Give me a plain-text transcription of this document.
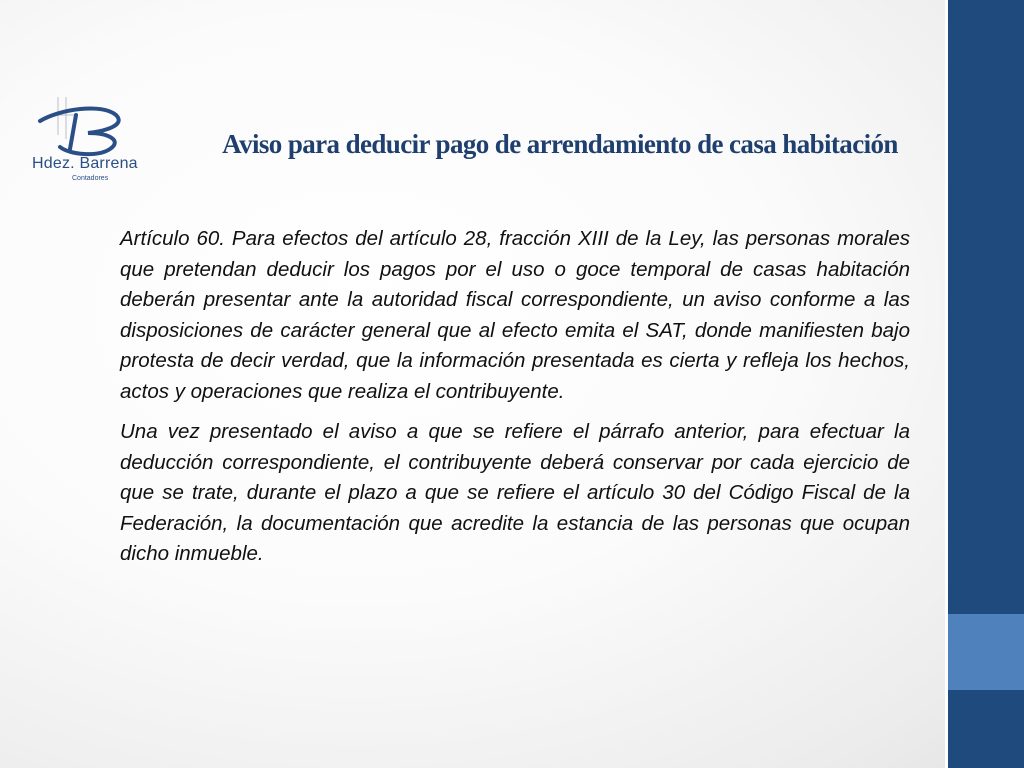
Hdez. Barrena
Contadores
Aviso para deducir pago de arrendamiento de casa habitación

Artículo 60. Para efectos del artículo 28, fracción XIII de la Ley, las personas morales que pretendan deducir los pagos por el uso o goce temporal de casas habitación deberán presentar ante la autoridad fiscal correspondiente, un aviso conforme a las disposiciones de carácter general que al efecto emita el SAT, donde manifiesten bajo protesta de decir verdad, que la información presentada es cierta y refleja los hechos, actos y operaciones que realiza el contribuyente.

Una vez presentado el aviso a que se refiere el párrafo anterior, para efectuar la deducción correspondiente, el contribuyente deberá conservar por cada ejercicio de que se trate, durante el plazo a que se refiere el artículo 30 del Código Fiscal de la Federación, la documentación que acredite la estancia de las personas que ocupan dicho inmueble.
